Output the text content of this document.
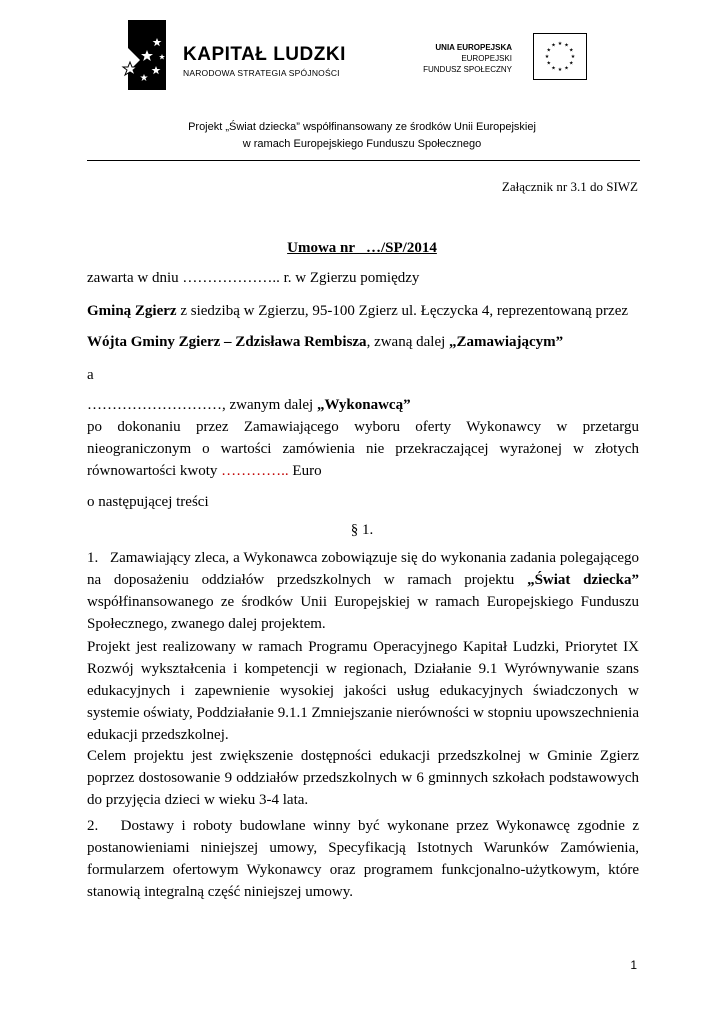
KAPITAŁ LUDZKI
NARODOWA STRATEGIA SPÓJNOŚCI
UNIA EUROPEJSKA
EUROPEJSKI
FUNDUSZ SPOŁECZNY
★ ★
★
★
★
★
★
★
★
★
★
★
Projekt „Świat dziecka” współfinansowany ze środków Unii Europejskiej
w ramach Europejskiego Funduszu Społecznego
Załącznik nr 3.1 do SIWZ
Umowa nr   …/SP/2014
zawarta w dniu ……………….. r. w Zgierzu pomiędzy
Gminą Zgierz z siedzibą w Zgierzu, 95-100 Zgierz ul. Łęczycka 4, reprezentowaną przez
Wójta Gminy Zgierz – Zdzisława Rembisza, zwaną dalej „Zamawiającym”
a
………………………, zwanym dalej „Wykonawcą”
po dokonaniu przez Zamawiającego wyboru oferty Wykonawcy w przetargu
nieograniczonym o wartości zamówienia nie przekraczającej wyrażonej w złotych
równowartości kwoty ………….. Euro
o następującej treści
§ 1.
1.   Zamawiający zleca, a Wykonawca zobowiązuje się do wykonania zadania polegającego na doposażeniu oddziałów przedszkolnych w ramach projektu „Świat dziecka” współfinansowanego ze środków Unii Europejskiej w ramach Europejskiego Funduszu Społecznego, zwanego dalej projektem.
Projekt jest realizowany w ramach Programu Operacyjnego Kapitał Ludzki, Priorytet IX Rozwój wykształcenia i kompetencji w regionach, Działanie 9.1 Wyrównywanie szans edukacyjnych i zapewnienie wysokiej jakości usług edukacyjnych świadczonych w systemie oświaty, Poddziałanie 9.1.1 Zmniejszanie nierówności w stopniu upowszechnienia edukacji przedszkolnej.
Celem projektu jest zwiększenie dostępności edukacji przedszkolnej w Gminie Zgierz poprzez dostosowanie 9 oddziałów przedszkolnych w 6 gminnych szkołach podstawowych do przyjęcia dzieci w wieku 3-4 lata.
2.   Dostawy i roboty budowlane winny być wykonane przez Wykonawcę zgodnie z postanowieniami niniejszej umowy, Specyfikacją Istotnych Warunków Zamówienia, formularzem ofertowym Wykonawcy oraz programem funkcjonalno-użytkowym, które stanowią integralną część niniejszej umowy.
1
